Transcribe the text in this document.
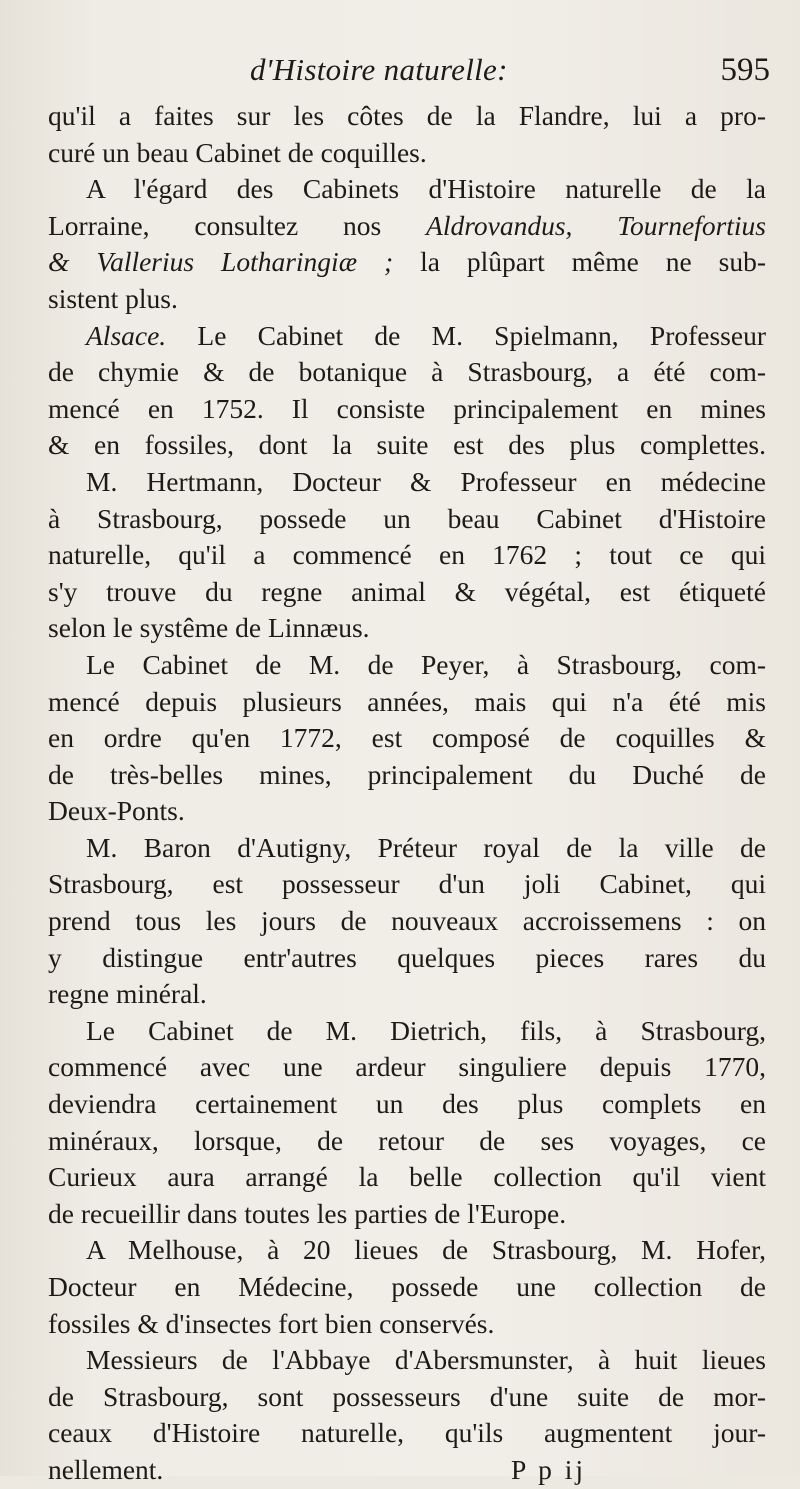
d'Histoire naturelle:	595
qu'il a faites sur les côtes de la Flandre, lui a pro-
curé un beau Cabinet de coquilles.
A l'égard des Cabinets d'Histoire naturelle de la
Lorraine, consultez nos Aldrovandus, Tournefortius
& Vallerius Lotharingiæ ; la plûpart même ne sub-
sistent plus.
Alsace. Le Cabinet de M. Spielmann, Professeur
de chymie & de botanique à Strasbourg, a été com-
mencé en 1752. Il consiste principalement en mines
& en fossiles, dont la suite est des plus complettes.
M. Hertmann, Docteur & Professeur en médecine
à Strasbourg, possede un beau Cabinet d'Histoire
naturelle, qu'il a commencé en 1762 ; tout ce qui
s'y trouve du regne animal & végétal, est étiqueté
selon le systême de Linnæus.
Le Cabinet de M. de Peyer, à Strasbourg, com-
mencé depuis plusieurs années, mais qui n'a été mis
en ordre qu'en 1772, est composé de coquilles &
de très-belles mines, principalement du Duché de
Deux-Ponts.
M. Baron d'Autigny, Préteur royal de la ville de
Strasbourg, est possesseur d'un joli Cabinet, qui
prend tous les jours de nouveaux accroissemens : on
y distingue entr'autres quelques pieces rares du
regne minéral.
Le Cabinet de M. Dietrich, fils, à Strasbourg,
commencé avec une ardeur singuliere depuis 1770,
deviendra certainement un des plus complets en
minéraux, lorsque, de retour de ses voyages, ce
Curieux aura arrangé la belle collection qu'il vient
de recueillir dans toutes les parties de l'Europe.
A Melhouse, à 20 lieues de Strasbourg, M. Hofer,
Docteur en Médecine, possede une collection de
fossiles & d'insectes fort bien conservés.
Messieurs de l'Abbaye d'Abersmunster, à huit lieues
de Strasbourg, sont possesseurs d'une suite de mor-
ceaux d'Histoire naturelle, qu'ils augmentent jour-
nellement.	P p ij
